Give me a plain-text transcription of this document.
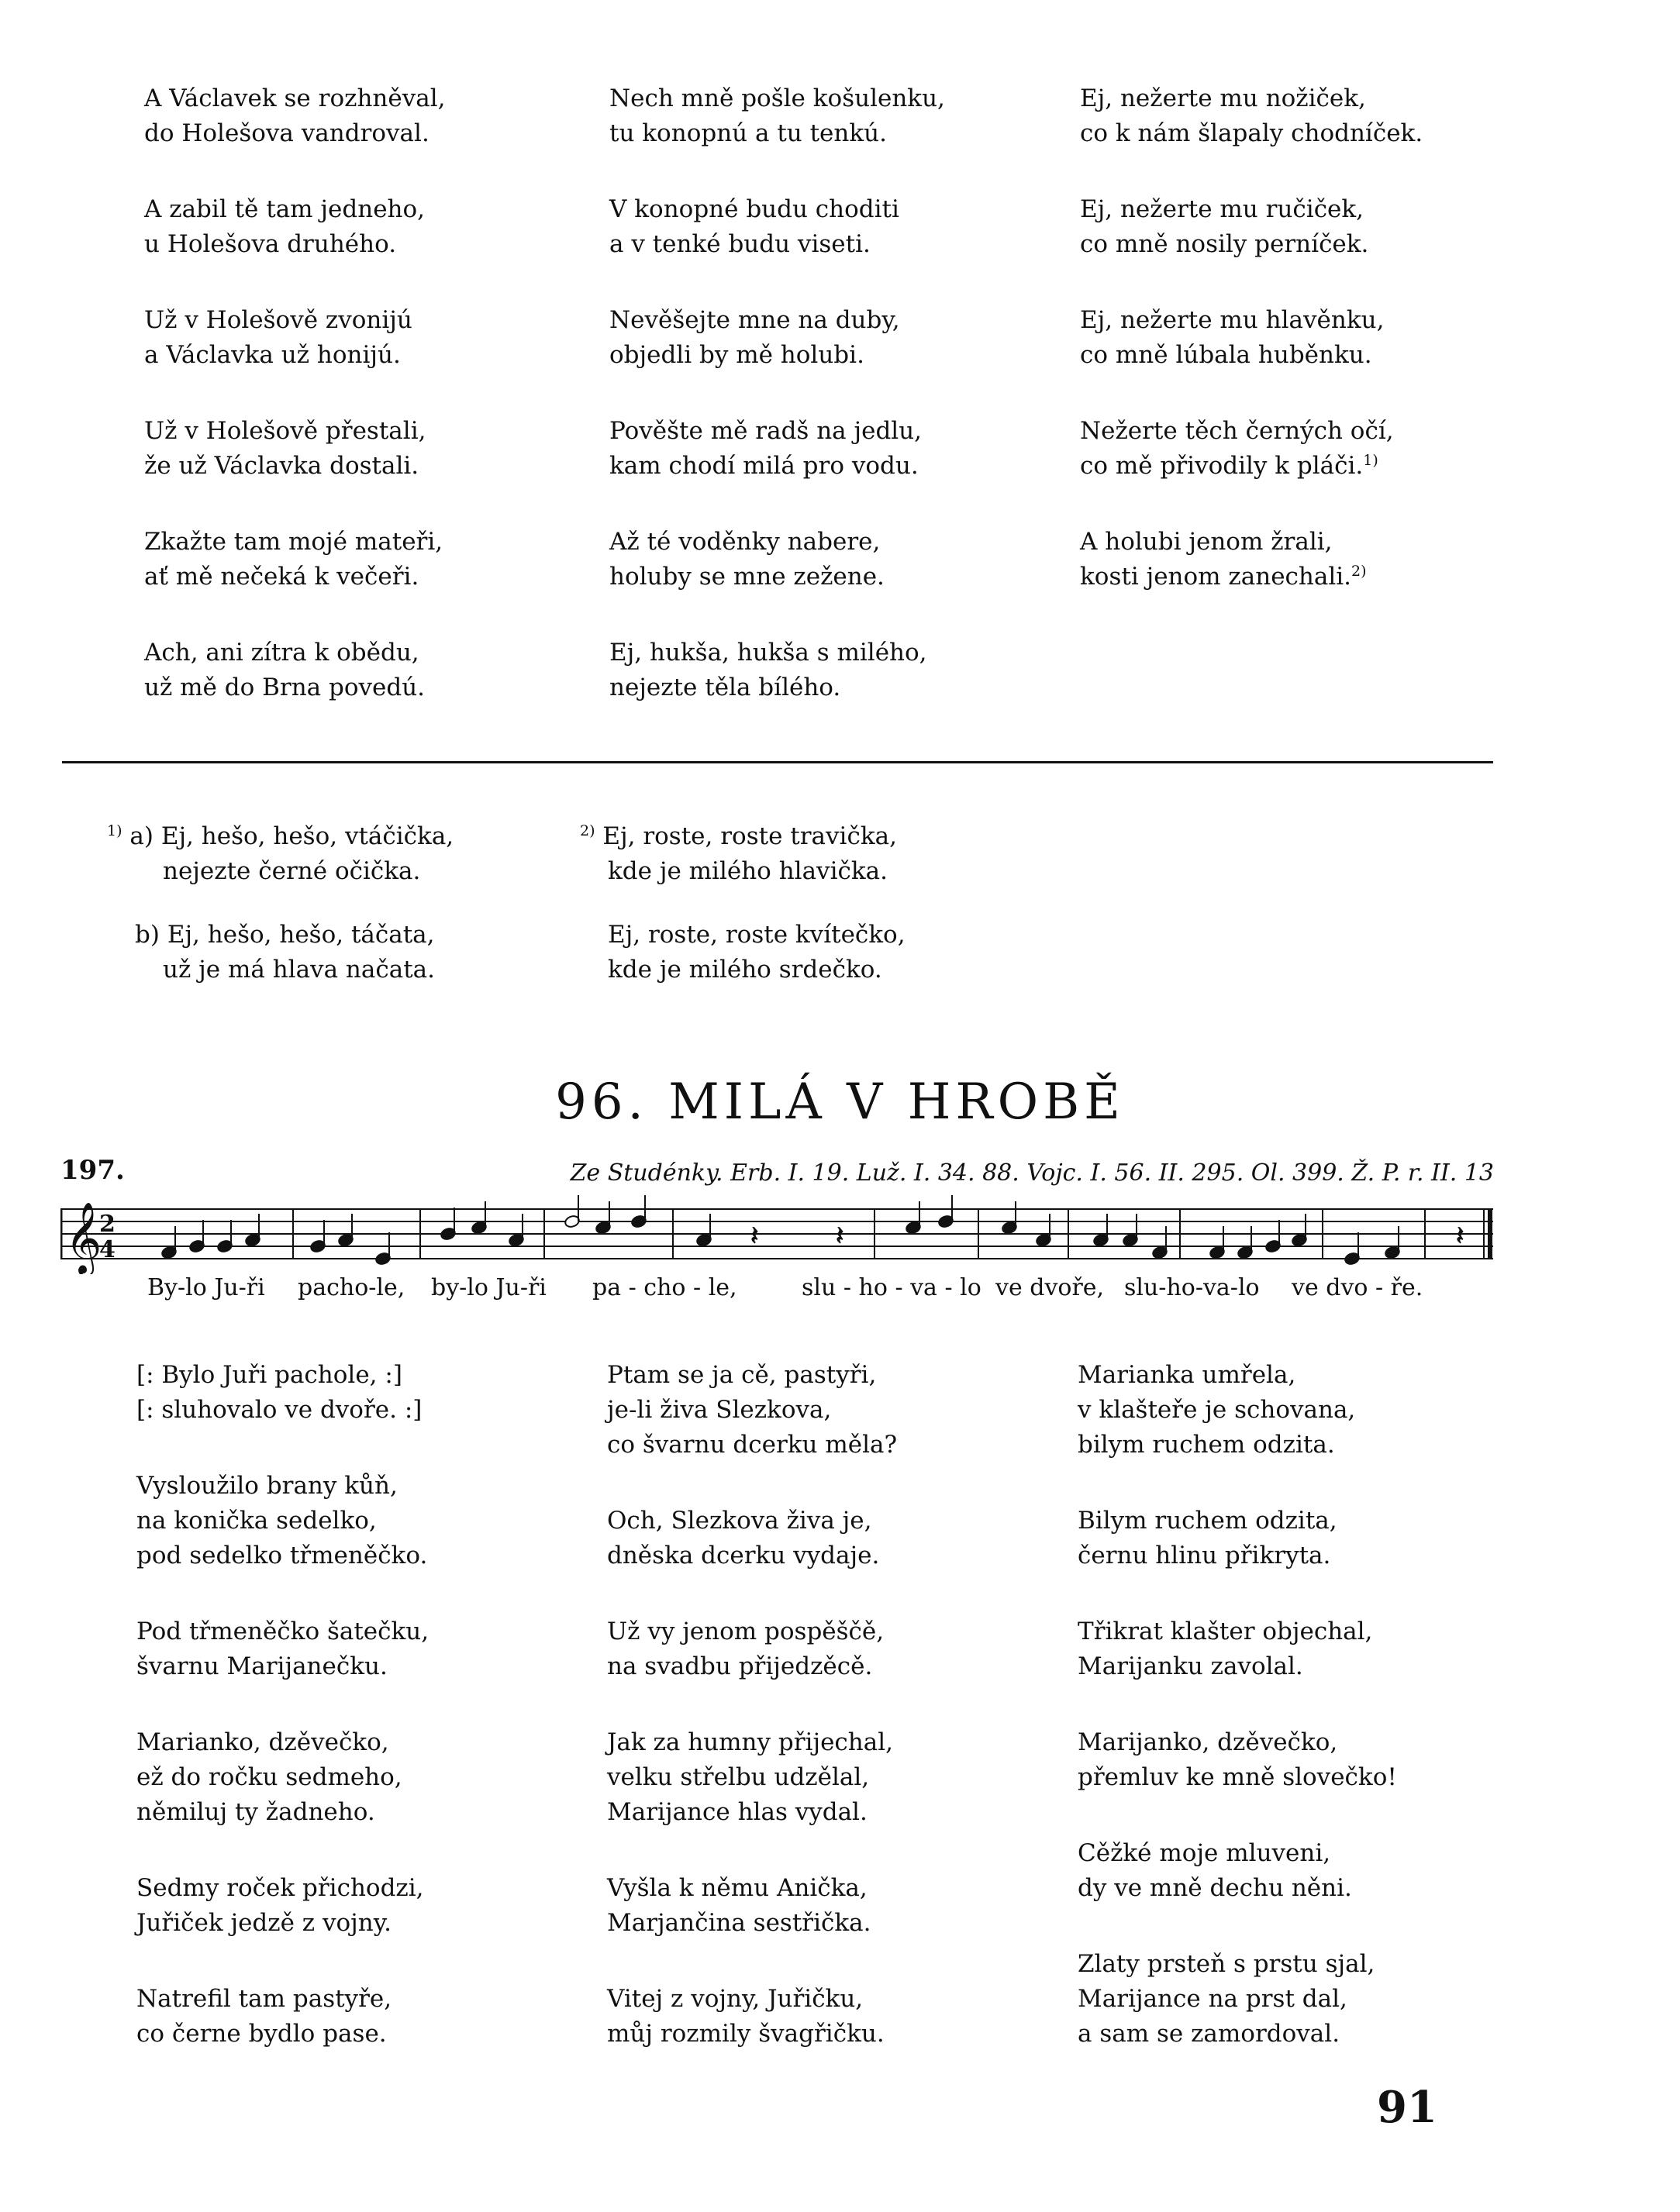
A Václavek se rozhněval,
do Holešova vandroval.
A zabil tě tam jedneho,
u Holešova druhého.
Už v Holešově zvonijú
a Václavka už honijú.
Už v Holešově přestali,
že už Václavka dostali.
Zkažte tam mojé mateři,
ať mě nečeká k večeři.
Ach, ani zítra k obědu,
už mě do Brna povedú.
Nech mně pošle košulenku,
tu konopnú a tu tenkú.
V konopné budu choditi
a v tenké budu viseti.
Nevěšejte mne na duby,
objedli by mě holubi.
Pověšte mě radš na jedlu,
kam chodí milá pro vodu.
Až té voděnky nabere,
holuby se mne zežene.
Ej, hukša, hukša s milého,
nejezte těla bílého.
Ej, nežerte mu nožiček,
co k nám šlapaly chodníček.
Ej, nežerte mu ručiček,
co mně nosily perníček.
Ej, nežerte mu hlavěnku,
co mně lúbala huběnku.
Nežerte těch černých očí,
co mě přivodily k pláči.$^{1)}$
A holubi jenom žrali,
kosti jenom zanechali.$^{2)}$
$^{1)}$ a) Ej, hešo, hešo, vtáčička,
nejezte černé očička.
b) Ej, hešo, hešo, táčata,
už je má hlava načata.
$^{2)}$ Ej, roste, roste travička,
kde je milého hlavička.
Ej, roste, roste kvítečko,
kde je milého srdečko.
96. MILÁ V HROBĚ
197.	Ze Studénky. Erb. I. 19. Luž. I. 34. 88. Vojc. I. 56. II. 295. Ol. 399. Ž. P. r. II. 13
𝄞
2
4	𝄽	𝄽	𝄽
By-lo Ju-ři pacho-le, by-lo Ju-ři pa - cho - le,	slu - ho - va - lo ve dvoře, slu-ho-va-lo ve dvo - ře.
[: Bylo Juři pachole, :]
[: sluhovalo ve dvoře. :]
Vysloužilo brany kůň,
na konička sedelko,
pod sedelko třmeněčko.
Pod třmeněčko šatečku,
švarnu Marijanečku.
Marianko, dzěvečko,
ež do ročku sedmeho,
němiluj ty žadneho.
Sedmy roček přichodzi,
Juřiček jedzě z vojny.
Natrefil tam pastyře,
co černe bydlo pase.
Ptam se ja cě, pastyři,
je-li živa Slezkova,
co švarnu dcerku měla?
Och, Slezkova živa je,
dněska dcerku vydaje.
Už vy jenom pospěščě,
na svadbu přijedzěcě.
Jak za humny přijechal,
velku střelbu udzělal,
Marijance hlas vydal.
Vyšla k němu Anička,
Marjančina sestřička.
Vitej z vojny, Juřičku,
můj rozmily švagřičku.
Marianka umřela,
v klašteře je schovana,
bilym ruchem odzita.
Bilym ruchem odzita,
černu hlinu přikryta.
Třikrat klašter objechal,
Marijanku zavolal.
Marijanko, dzěvečko,
přemluv ke mně slovečko!
Cěžké moje mluveni,
dy ve mně dechu něni.
Zlaty prsteň s prstu sjal,
Marijance na prst dal,
a sam se zamordoval.
91
